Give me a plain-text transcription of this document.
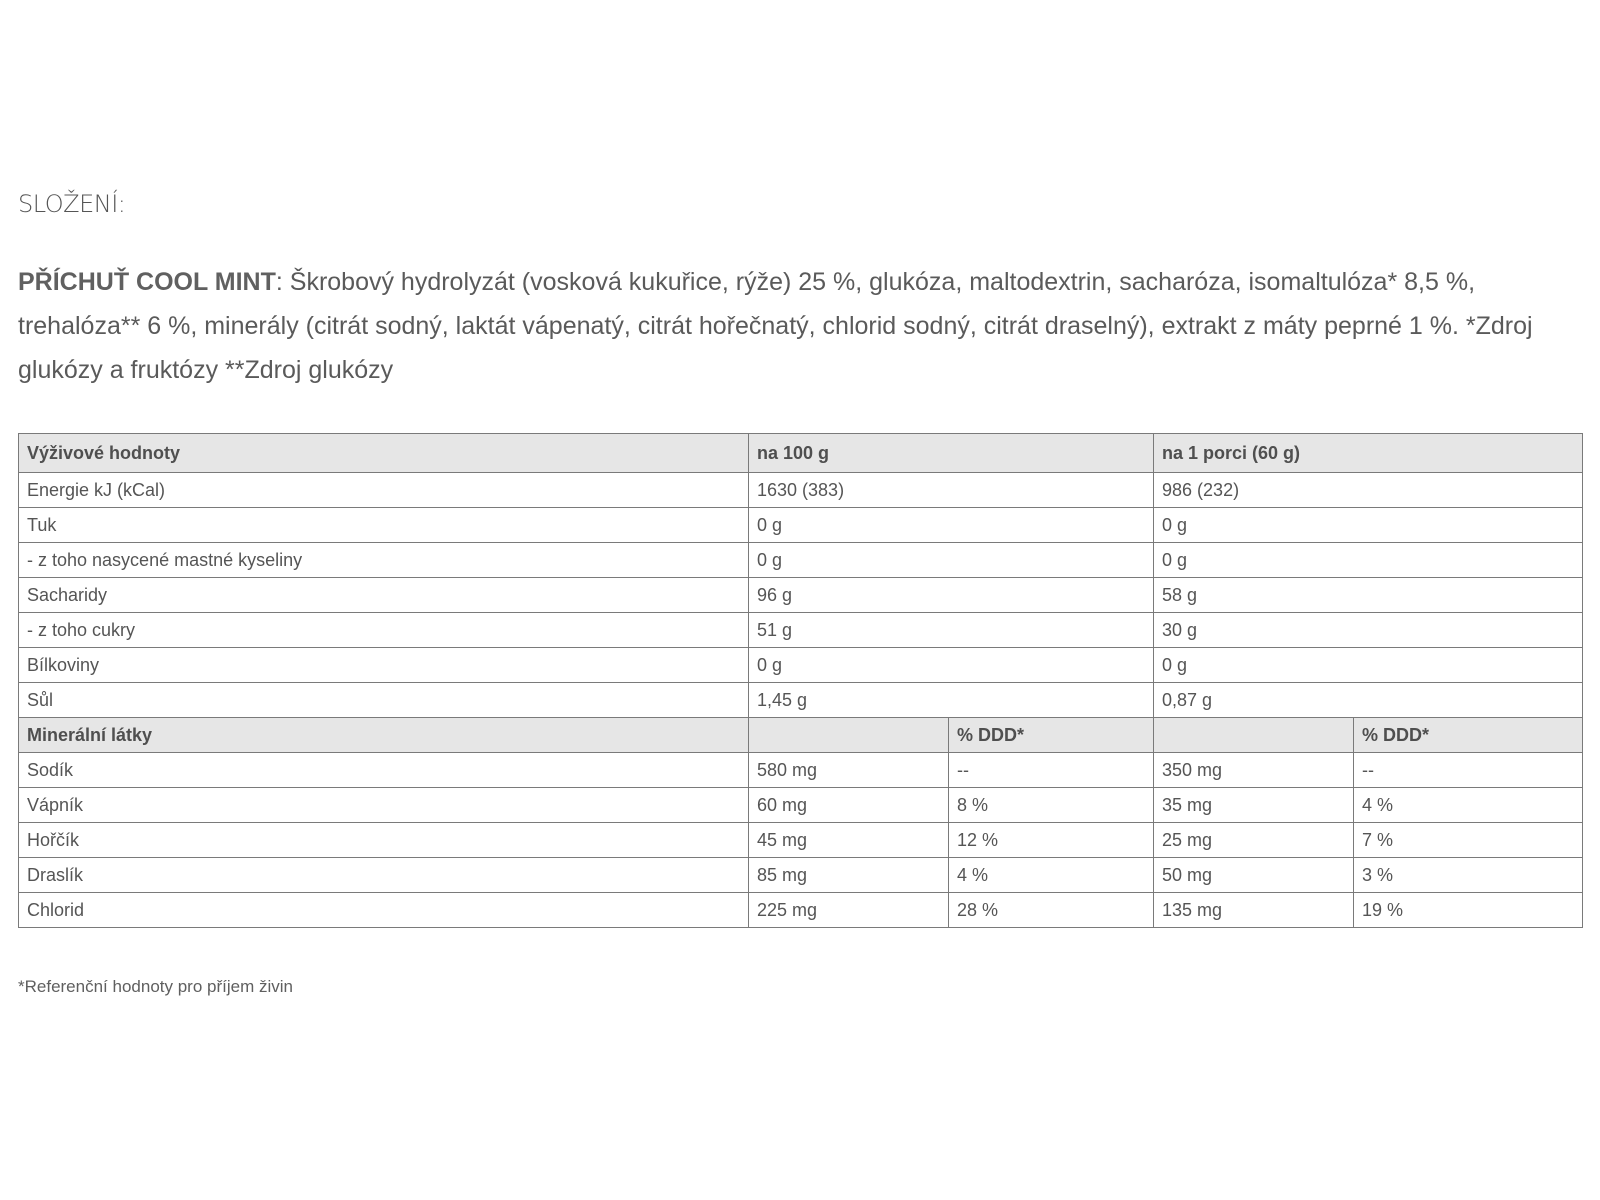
SLOŽENÍ:
PŘÍCHUŤ COOL MINT: Škrobový hydrolyzát (vosková kukuřice, rýže) 25 %, glukóza, maltodextrin, sacharóza, isomaltulóza* 8,5 %, trehalóza** 6 %, minerály (citrát sodný, laktát vápenatý, citrát hořečnatý, chlorid sodný, citrát draselný), extrakt z máty peprné 1 %. *Zdroj glukózy a fruktózy **Zdroj glukózy
Výživové hodnoty	na 100 g		na 1 porci (60 g)	
Energie kJ (kCal)	1630 (383)		986 (232)	
Tuk	0 g		0 g	
- z toho nasycené mastné kyseliny	0 g		0 g	
Sacharidy	96 g		58 g	
- z toho cukry	51 g		30 g	
Bílkoviny	0 g		0 g	
Sůl	1,45 g		0,87 g	
Minerální látky		% DDD*		% DDD*
Sodík	580 mg	--	350 mg	--
Vápník	60 mg	8 %	35 mg	4 %
Hořčík	45 mg	12 %	25 mg	7 %
Draslík	85 mg	4 %	50 mg	3 %
Chlorid	225 mg	28 %	135 mg	19 %
*Referenční hodnoty pro příjem živin
